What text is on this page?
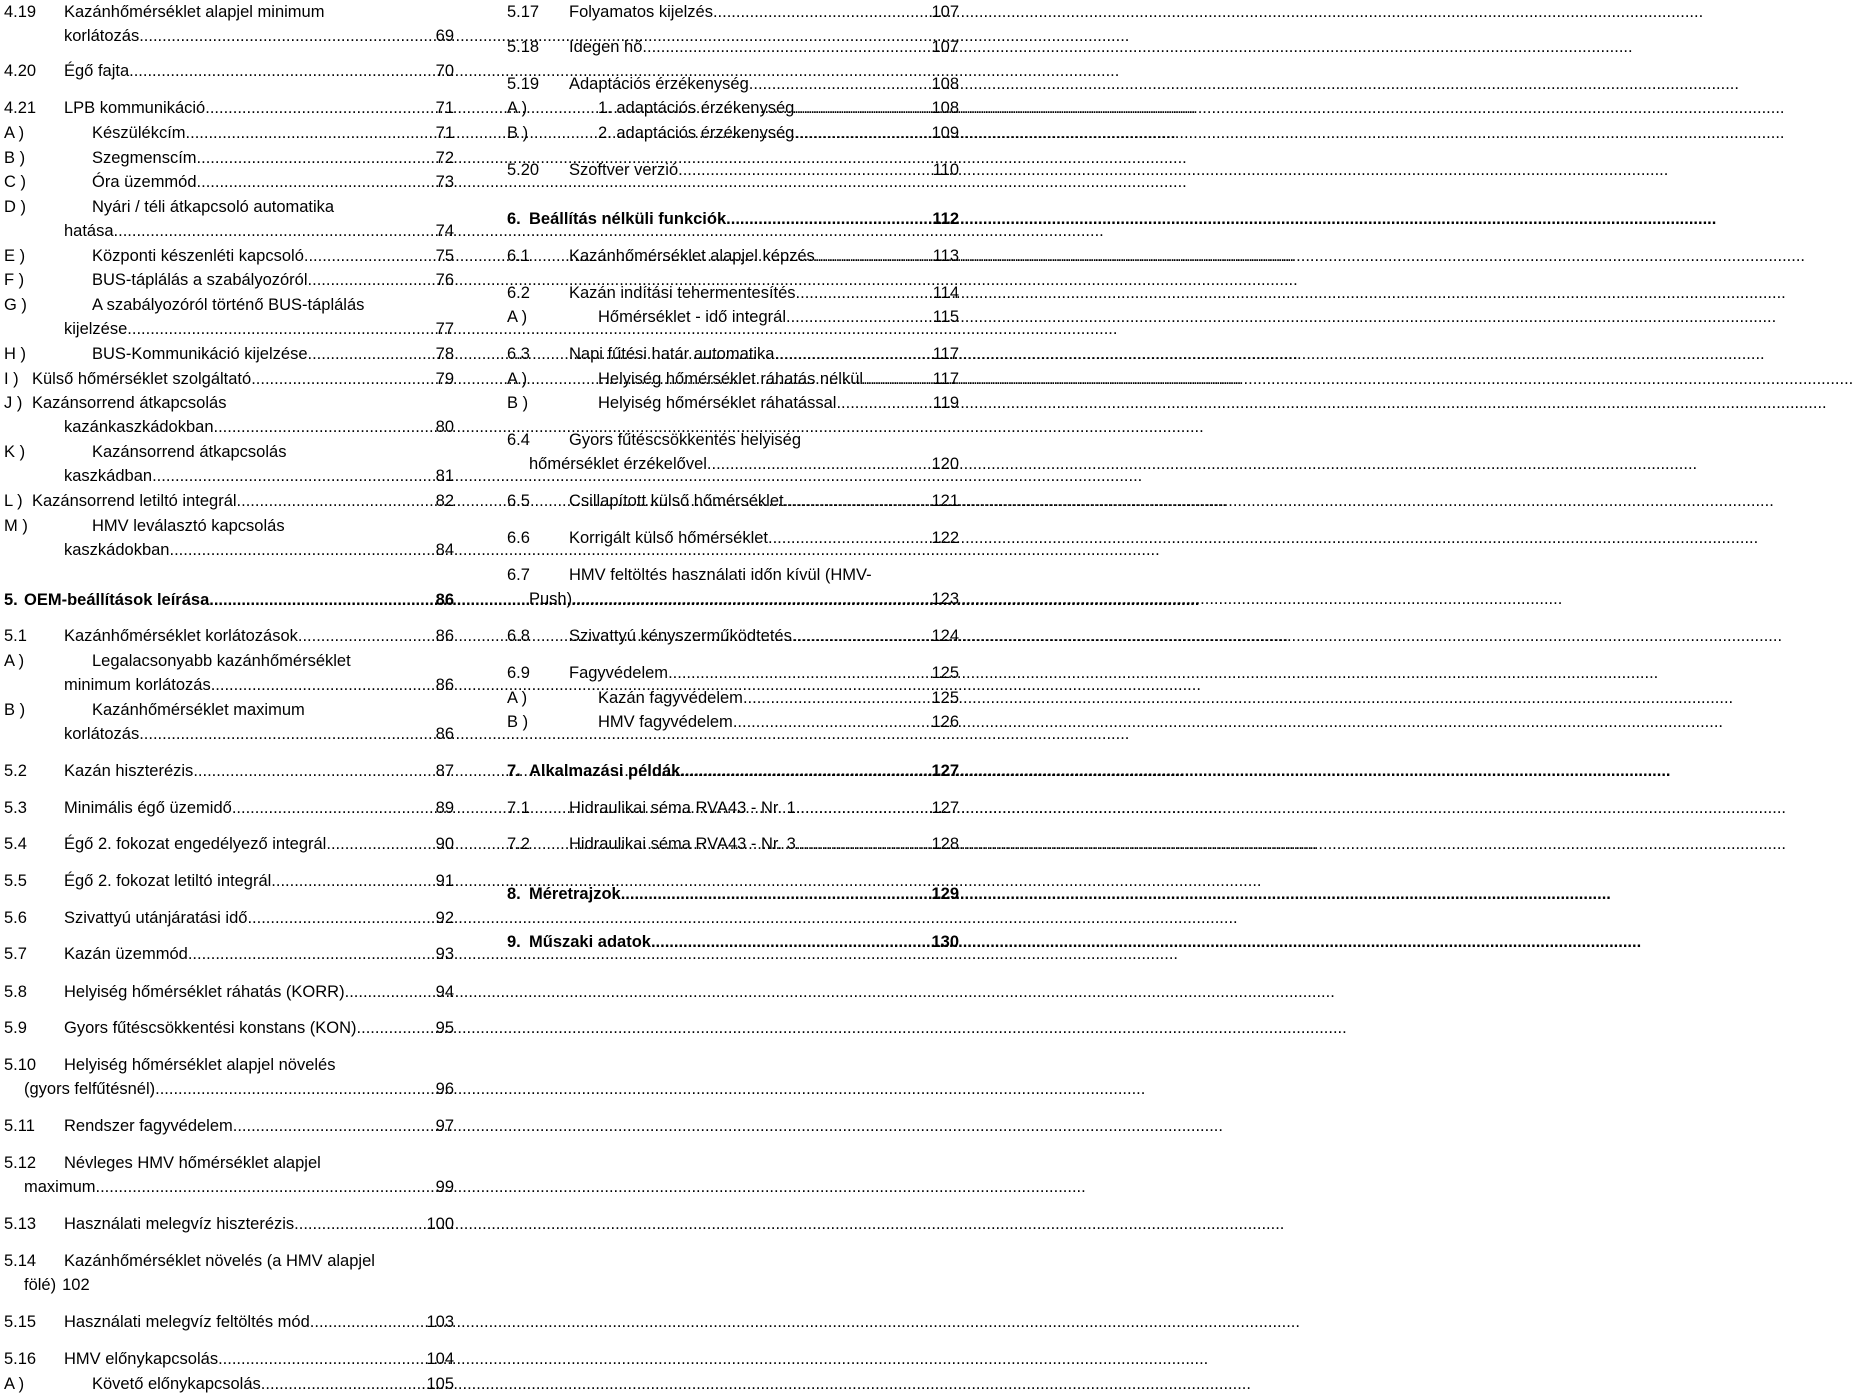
4.19	Kazánhőmérséklet alapjel minimum
korlátozás .....	69
4.20	Égő fajta .....	70
4.21	LPB kommunikáció .....	71
A )	Készülékcím .....	71
B )	Szegmenscím .....	72
C )	Óra üzemmód .....	73
D )	Nyári / téli átkapcsoló automatika
hatása .....	74
E )	Központi készenléti kapcsoló .....	75
F )	BUS-táplálás a szabályozóról .....	76
G )	A szabályozóról történő BUS-táplálás
kijelzése .....	77
H )	BUS-Kommunikáció kijelzése .....	78
I ) Külső hőmérséklet szolgáltató .....	79
J ) Kazánsorrend átkapcsolás
kazánkaszkádokban .....	80
K )	Kazánsorrend átkapcsolás
kaszkádban .....	81
L ) Kazánsorrend letiltó integrál .....	82
M )	HMV leválasztó kapcsolás
kaszkádokban .....	84
5. OEM-beállítások leírása .....	86
5.1	Kazánhőmérséklet korlátozások .....	86
A )	Legalacsonyabb kazánhőmérséklet
minimum korlátozás .....	86
B )	Kazánhőmérséklet maximum
korlátozás .....	86
5.2	Kazán hiszterézis .....	87
5.3	Minimális égő üzemidő .....	89
5.4	Égő 2. fokozat engedélyező integrál .....	90
5.5	Égő 2. fokozat letiltó integrál .....	91
5.6	Szivattyú utánjáratási idő .....	92
5.7	Kazán üzemmód .....	93
5.8	Helyiség hőmérséklet ráhatás (KORR) .....	94
5.9	Gyors fűtéscsökkentési konstans (KON) .....	95
5.10	Helyiség hőmérséklet alapjel növelés
(gyors felfűtésnél) .....	96
5.11	Rendszer fagyvédelem .....	97
5.12	Névleges HMV hőmérséklet alapjel
maximum .....	99
5.13	Használati melegvíz hiszterézis .....	100
5.14	Kazánhőmérséklet növelés (a HMV alapjel
fölé) 102
5.15	Használati melegvíz feltöltés mód .....	103
5.16	HMV előnykapcsolás .....	104
A )	Követő előnykapcsolás .....	105
5.17	Folyamatos kijelzés .....	107
5.18	Idegen hő .....	107
5.19	Adaptációs érzékenység .....	108
A )	1. adaptációs érzékenység .....	108
B )	2. adaptációs érzékenység .....	109
5.20	Szoftver verzió .....	110
6. Beállítás nélküli funkciók .....	112
6.1	Kazánhőmérséklet alapjel képzés .....	113
6.2	Kazán indítási tehermentesítés .....	114
A )	Hőmérséklet - idő integrál .....	115
6.3	Napi fűtési határ automatika .....	117
A )	Helyiség hőmérséklet ráhatás nélkül .....	117
B )	Helyiség hőmérséklet ráhatással .....	119
6.4	Gyors fűtéscsökkentés helyiség
hőmérséklet érzékelővel .....	120
6.5	Csillapított külső hőmérséklet .....	121
6.6	Korrigált külső hőmérséklet .....	122
6.7	HMV feltöltés használati időn kívül (HMV-
Push) .....	123
6.8	Szivattyú kényszerműködtetés .....	124
6.9	Fagyvédelem .....	125
A )	Kazán fagyvédelem .....	125
B )	HMV fagyvédelem .....	126
7. Alkalmazási példák .....	127
7.1	Hidraulikai séma RVA43 - Nr. 1 .....	127
7.2	Hidraulikai séma RVA43 - Nr. 3 .....	128
8. Méretrajzok .....	129
9. Műszaki adatok .....	130
